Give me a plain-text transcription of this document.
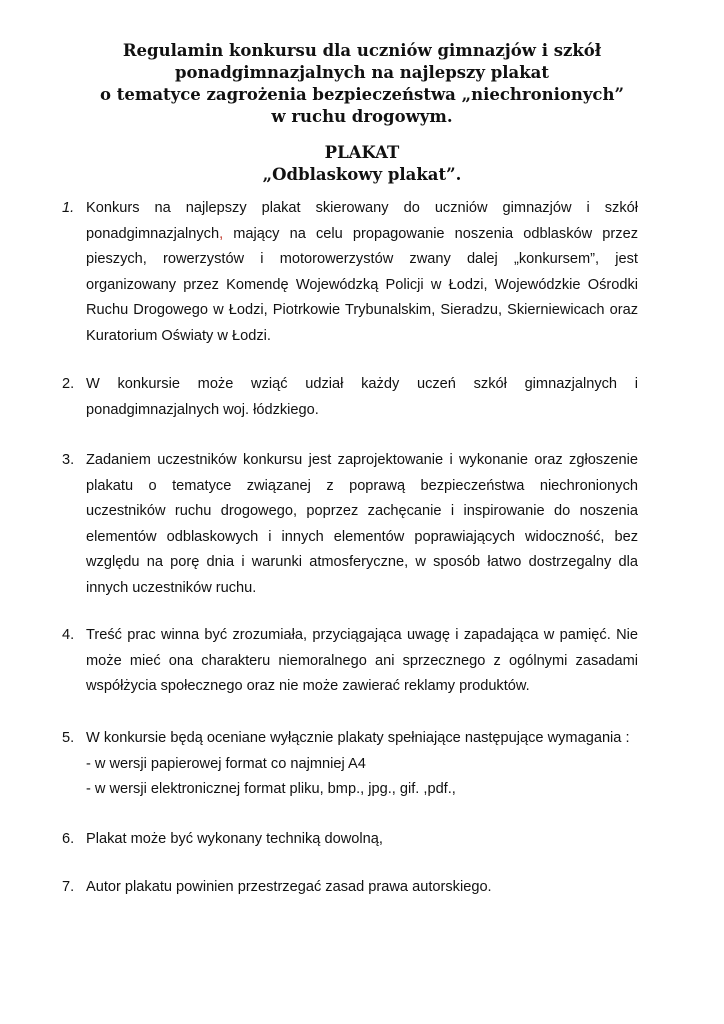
Regulamin konkursu dla uczniów gimnazjów i szkół
ponadgimnazjalnych na najlepszy plakat
o tematyce zagrożenia bezpieczeństwa „niechronionych”
w ruchu drogowym.
PLAKAT
„Odblaskowy plakat”.
1. Konkurs na najlepszy plakat skierowany do uczniów gimnazjów i szkół ponadgimnazjalnych, mający na celu propagowanie noszenia odblasków przez pieszych, rowerzystów i motorowerzystów zwany dalej „konkursem”, jest organizowany przez Komendę Wojewódzką Policji w Łodzi, Wojewódzkie Ośrodki Ruchu Drogowego w Łodzi, Piotrkowie Trybunalskim, Sieradzu, Skierniewicach oraz Kuratorium Oświaty w Łodzi.
2. W konkursie może wziąć udział każdy uczeń szkół gimnazjalnych i ponadgimnazjalnych woj. łódzkiego.
3. Zadaniem uczestników konkursu jest zaprojektowanie i wykonanie oraz zgłoszenie plakatu o tematyce związanej z poprawą bezpieczeństwa niechronionych uczestników ruchu drogowego, poprzez zachęcanie i inspirowanie do noszenia elementów odblaskowych i innych elementów poprawiających widoczność, bez względu na porę dnia i warunki atmosferyczne, w sposób łatwo dostrzegalny dla innych uczestników ruchu.
4. Treść prac winna być zrozumiała, przyciągająca uwagę i zapadająca w pamięć. Nie może mieć ona charakteru niemoralnego ani sprzecznego z ogólnymi zasadami współżycia społecznego oraz nie może zawierać reklamy produktów.
5. W konkursie będą oceniane wyłącznie plakaty spełniające następujące wymagania :
- w wersji papierowej format co najmniej A4
- w wersji elektronicznej format pliku, bmp., jpg., gif. ,pdf.,
6. Plakat może być wykonany techniką dowolną,
7. Autor plakatu powinien przestrzegać zasad prawa autorskiego.
